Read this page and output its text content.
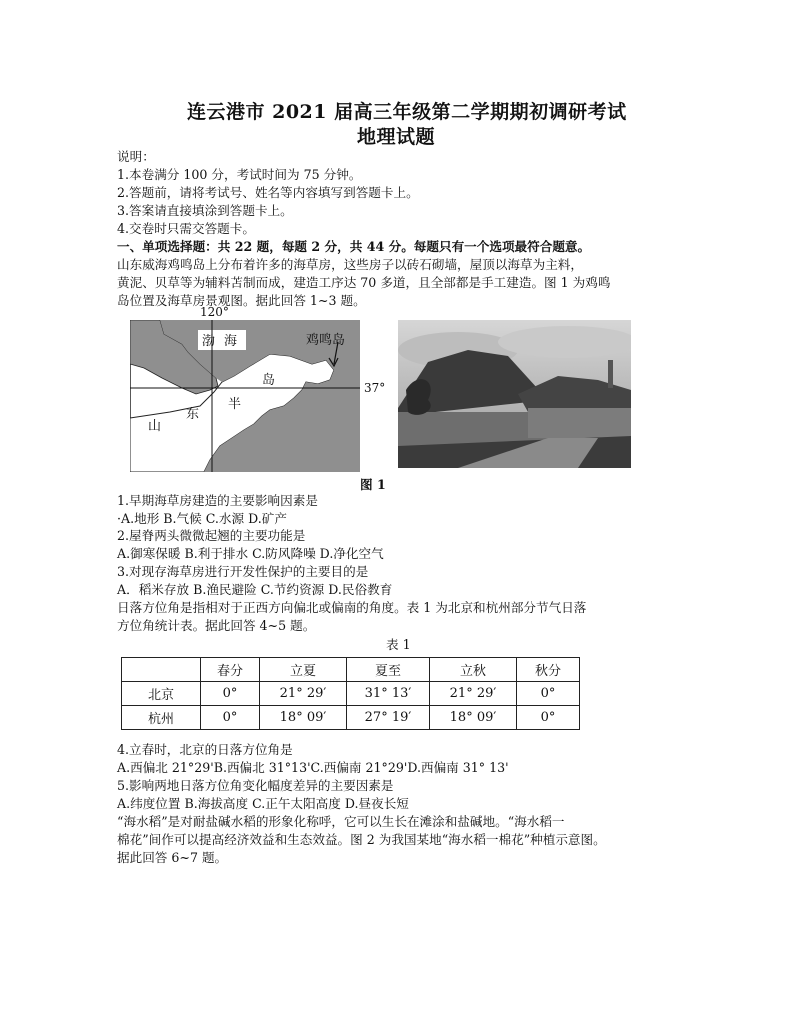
连云港市 2021 届高三年级第二学期期初调研考试
地理试题
说明：
1.本卷满分 100 分，考试时间为 75 分钟。
2.答题前，请将考试号、姓名等内容填写到答题卡上。
3.答案请直接填涂到答题卡上。
4.交卷时只需交答题卡。
一、单项选择题：共 22 题，每题 2 分，共 44 分。每题只有一个选项最符合题意。
山东威海鸡鸣岛上分布着许多的海草房，这些房子以砖石砌墙，屋顶以海草为主料，
黄泥、贝草等为辅料苫制而成，建造工序达 70 多道，且全部都是手工建造。图 1 为鸡鸣
岛位置及海草房景观图。据此回答 1~3 题。
渤 海	鸡鸣岛
岛
半
东
山
120°
37°
图 1
1.早期海草房建造的主要影响因素是
·A.地形 B.气候 C.水源 D.矿产
2.屋脊两头微微起翘的主要功能是
A.御寒保暖 B.利于排水 C.防风降噪 D.净化空气
3.对现存海草房进行开发性保护的主要目的是
A．稻米存放 B.渔民避险 C.节约资源 D.民俗教育
日落方位角是指相对于正西方向偏北或偏南的角度。表 1 为北京和杭州部分节气日落
方位角统计表。据此回答 4~5 题。
表 1
	春分	立夏	夏至	立秋	秋分
北京	0°	21° 29′	31° 13′	21° 29′	0°
杭州	0°	18° 09′	27° 19′	18° 09′	0°
4.立春时，北京的日落方位角是
A.西偏北 21°29'B.西偏北 31°13'C.西偏南 21°29'D.西偏南 31° 13'
5.影响两地日落方位角变化幅度差异的主要因素是
A.纬度位置 B.海拔高度 C.正午太阳高度 D.昼夜长短
“海水稻”是对耐盐碱水稻的形象化称呼，它可以生长在滩涂和盐碱地。“海水稻一
棉花”间作可以提高经济效益和生态效益。图 2 为我国某地“海水稻一棉花”种植示意图。
据此回答 6~7 题。
